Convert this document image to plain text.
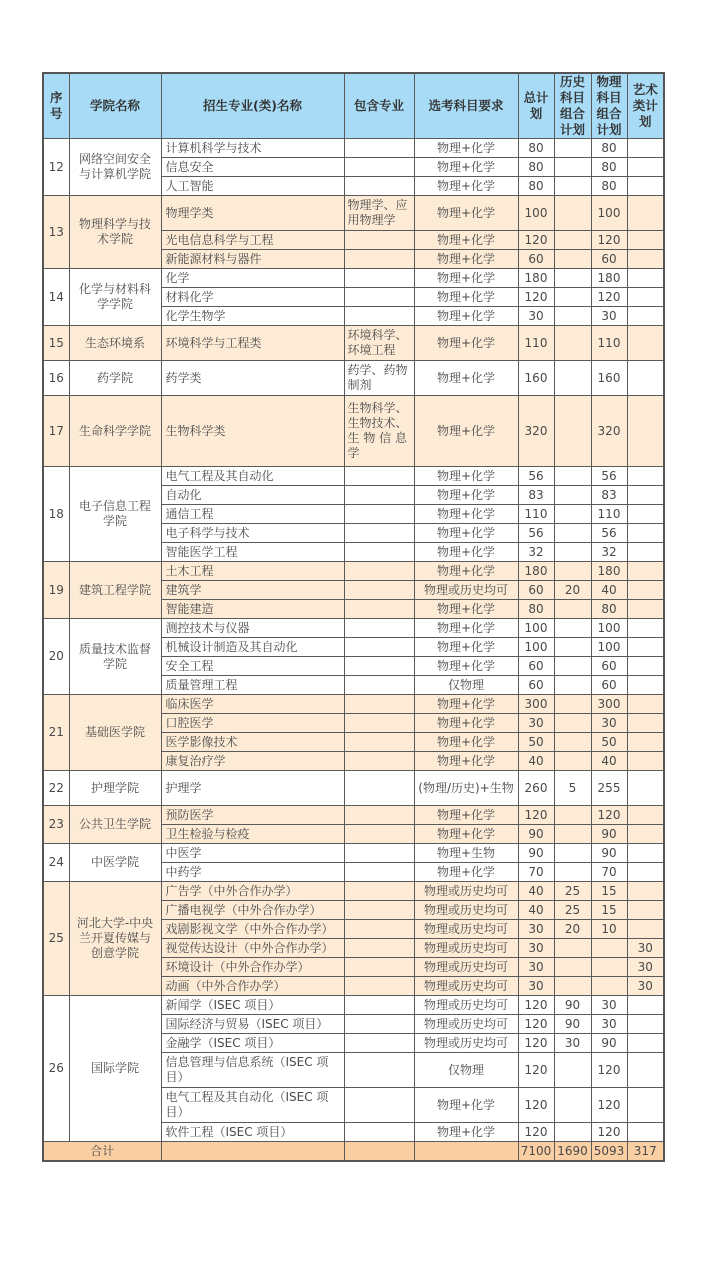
序号	学院名称	招生专业(类)名称	包含专业	选考科目要求	总计划	历史科目组合计划	物理科目组合计划	艺术类计划
12	网络空间安全与计算机学院	计算机科学与技术		物理+化学	80		80	
		信息安全		物理+化学	80		80	
		人工智能		物理+化学	80		80	
13	物理科学与技术学院	物理学类	物理学、应用物理学	物理+化学	100		100	
		光电信息科学与工程		物理+化学	120		120	
		新能源材料与器件		物理+化学	60		60	
14	化学与材料科学学院	化学		物理+化学	180		180	
		材料化学		物理+化学	120		120	
		化学生物学		物理+化学	30		30	
15	生态环境系	环境科学与工程类	环境科学、环境工程	物理+化学	110		110	
16	药学院	药学类	药学、药物制剂	物理+化学	160		160	
17	生命科学学院	生物科学类	生物科学、生物技术、生 物 信 息 学	物理+化学	320		320	
18	电子信息工程学院	电气工程及其自动化		物理+化学	56		56	
		自动化		物理+化学	83		83	
		通信工程		物理+化学	110		110	
		电子科学与技术		物理+化学	56		56	
		智能医学工程		物理+化学	32		32	
19	建筑工程学院	土木工程		物理+化学	180		180	
		建筑学		物理或历史均可	60	20	40	
		智能建造		物理+化学	80		80	
20	质量技术监督学院	测控技术与仪器		物理+化学	100		100	
		机械设计制造及其自动化		物理+化学	100		100	
		安全工程		物理+化学	60		60	
		质量管理工程		仅物理	60		60	
21	基础医学院	临床医学		物理+化学	300		300	
		口腔医学		物理+化学	30		30	
		医学影像技术		物理+化学	50		50	
		康复治疗学		物理+化学	40		40	
22	护理学院	护理学		(物理/历史)+生物	260	5	255	
23	公共卫生学院	预防医学		物理+化学	120		120	
		卫生检验与检疫		物理+化学	90		90	
24	中医学院	中医学		物理+生物	90		90	
		中药学		物理+化学	70		70	
25	河北大学-中央兰开夏传媒与创意学院	广告学（中外合作办学）		物理或历史均可	40	25	15	
		广播电视学（中外合作办学）		物理或历史均可	40	25	15	
		戏剧影视文学（中外合作办学）		物理或历史均可	30	20	10	
		视觉传达设计（中外合作办学）		物理或历史均可	30			30
		环境设计（中外合作办学）		物理或历史均可	30			30
		动画（中外合作办学）		物理或历史均可	30			30
26	国际学院	新闻学（ISEC 项目）		物理或历史均可	120	90	30	
		国际经济与贸易（ISEC 项目）		物理或历史均可	120	90	30	
		金融学（ISEC 项目）		物理或历史均可	120	30	90	
		信息管理与信息系统（ISEC 项目）		仅物理	120		120	
		电气工程及其自动化（ISEC 项目）		物理+化学	120		120	
		软件工程（ISEC 项目）		物理+化学	120		120	
合计					7100	1690	5093	317
